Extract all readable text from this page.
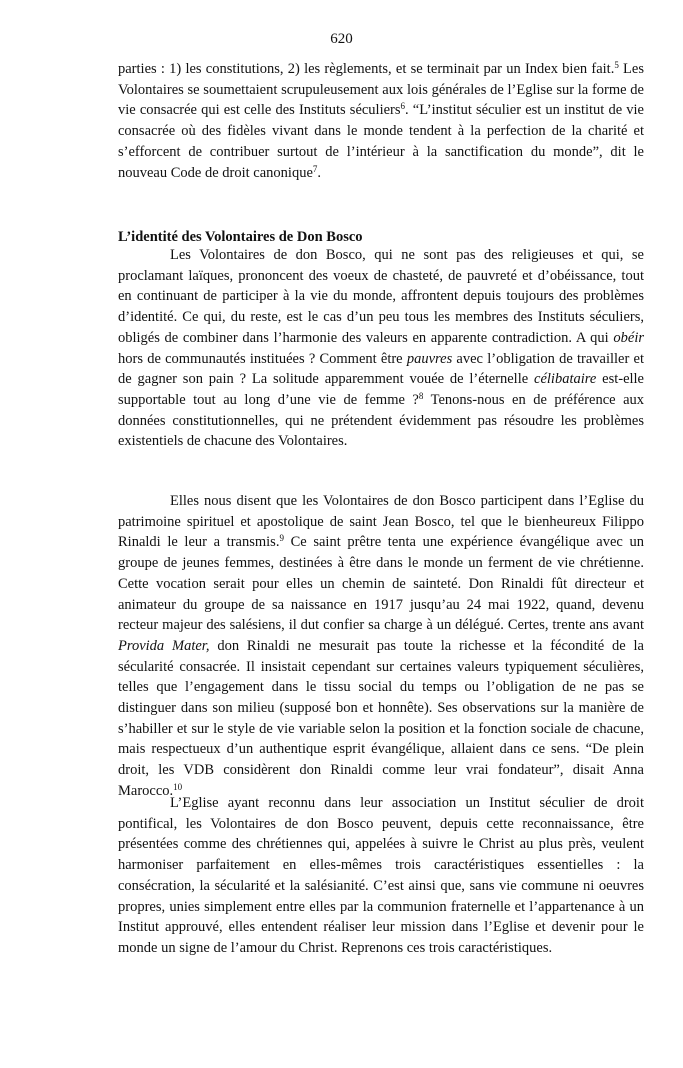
620

parties : 1) les constitutions, 2) les règlements, et se terminait par un Index bien fait.$^5$ Les Volontaires se soumettaient scrupuleusement aux lois générales de l’Eglise sur la forme de vie consacrée qui est celle des Instituts séculiers$^6$. “L’institut séculier est un institut de vie consacrée où des fidèles vivant dans le monde tendent à la perfection de la charité et s’efforcent de contribuer surtout de l’intérieur à la sanctification du monde”, dit le nouveau Code de droit canonique$^7$.

L’identité des Volontaires de Don Bosco

Les Volontaires de don Bosco, qui ne sont pas des religieuses et qui, se proclamant laïques, prononcent des voeux de chasteté, de pauvreté et d’obéissance, tout en continuant de participer à la vie du monde, affrontent depuis toujours des problèmes d’identité. Ce qui, du reste, est le cas d’un peu tous les membres des Instituts séculiers, obligés de combiner dans l’harmonie des valeurs en apparente contradiction. A qui obéir hors de communautés instituées ? Comment être pauvres avec l’obligation de travailler et de gagner son pain ? La solitude apparemment vouée de l’éternelle célibataire est-elle supportable tout au long d’une vie de femme ?$^8$ Tenons-nous en de préférence aux données constitutionnelles, qui ne prétendent évidemment pas résoudre les problèmes existentiels de chacune des Volontaires.

Elles nous disent que les Volontaires de don Bosco participent dans l’Eglise du patrimoine spirituel et apostolique de saint Jean Bosco, tel que le bienheureux Filippo Rinaldi le leur a transmis.$^9$ Ce saint prêtre tenta une expérience évangélique avec un groupe de jeunes femmes, destinées à être dans le monde un ferment de vie chrétienne. Cette vocation serait pour elles un chemin de sainteté. Don Rinaldi fût directeur et animateur du groupe de sa naissance en 1917 jusqu’au 24 mai 1922, quand, devenu recteur majeur des salésiens, il dut confier sa charge à un délégué. Certes, trente ans avant Provida Mater, don Rinaldi ne mesurait pas toute la richesse et la fécondité de la sécularité consacrée. Il insistait cependant sur certaines valeurs typiquement séculières, telles que l’engagement dans le tissu social du temps ou l’obligation de ne pas se distinguer dans son milieu (supposé bon et honnête). Ses observations sur la manière de s’habiller et sur le style de vie variable selon la position et la fonction sociale de chacune, mais respectueux d’un authentique esprit évangélique, allaient dans ce sens. “De plein droit, les VDB considèrent don Rinaldi comme leur vrai fondateur”, disait Anna Marocco.$^{10}$

L’Eglise ayant reconnu dans leur association un Institut séculier de droit pontifical, les Volontaires de don Bosco peuvent, depuis cette reconnaissance, être présentées comme des chrétiennes qui, appelées à suivre le Christ au plus près, veulent harmoniser parfaitement en elles-mêmes trois caractéristiques essentielles : la consécration, la sécularité et la salésianité. C’est ainsi que, sans vie commune ni oeuvres propres, unies simplement entre elles par la communion fraternelle et l’appartenance à un Institut approuvé, elles entendent réaliser leur mission dans l’Eglise et devenir pour le monde un signe de l’amour du Christ. Reprenons ces trois caractéristiques.
